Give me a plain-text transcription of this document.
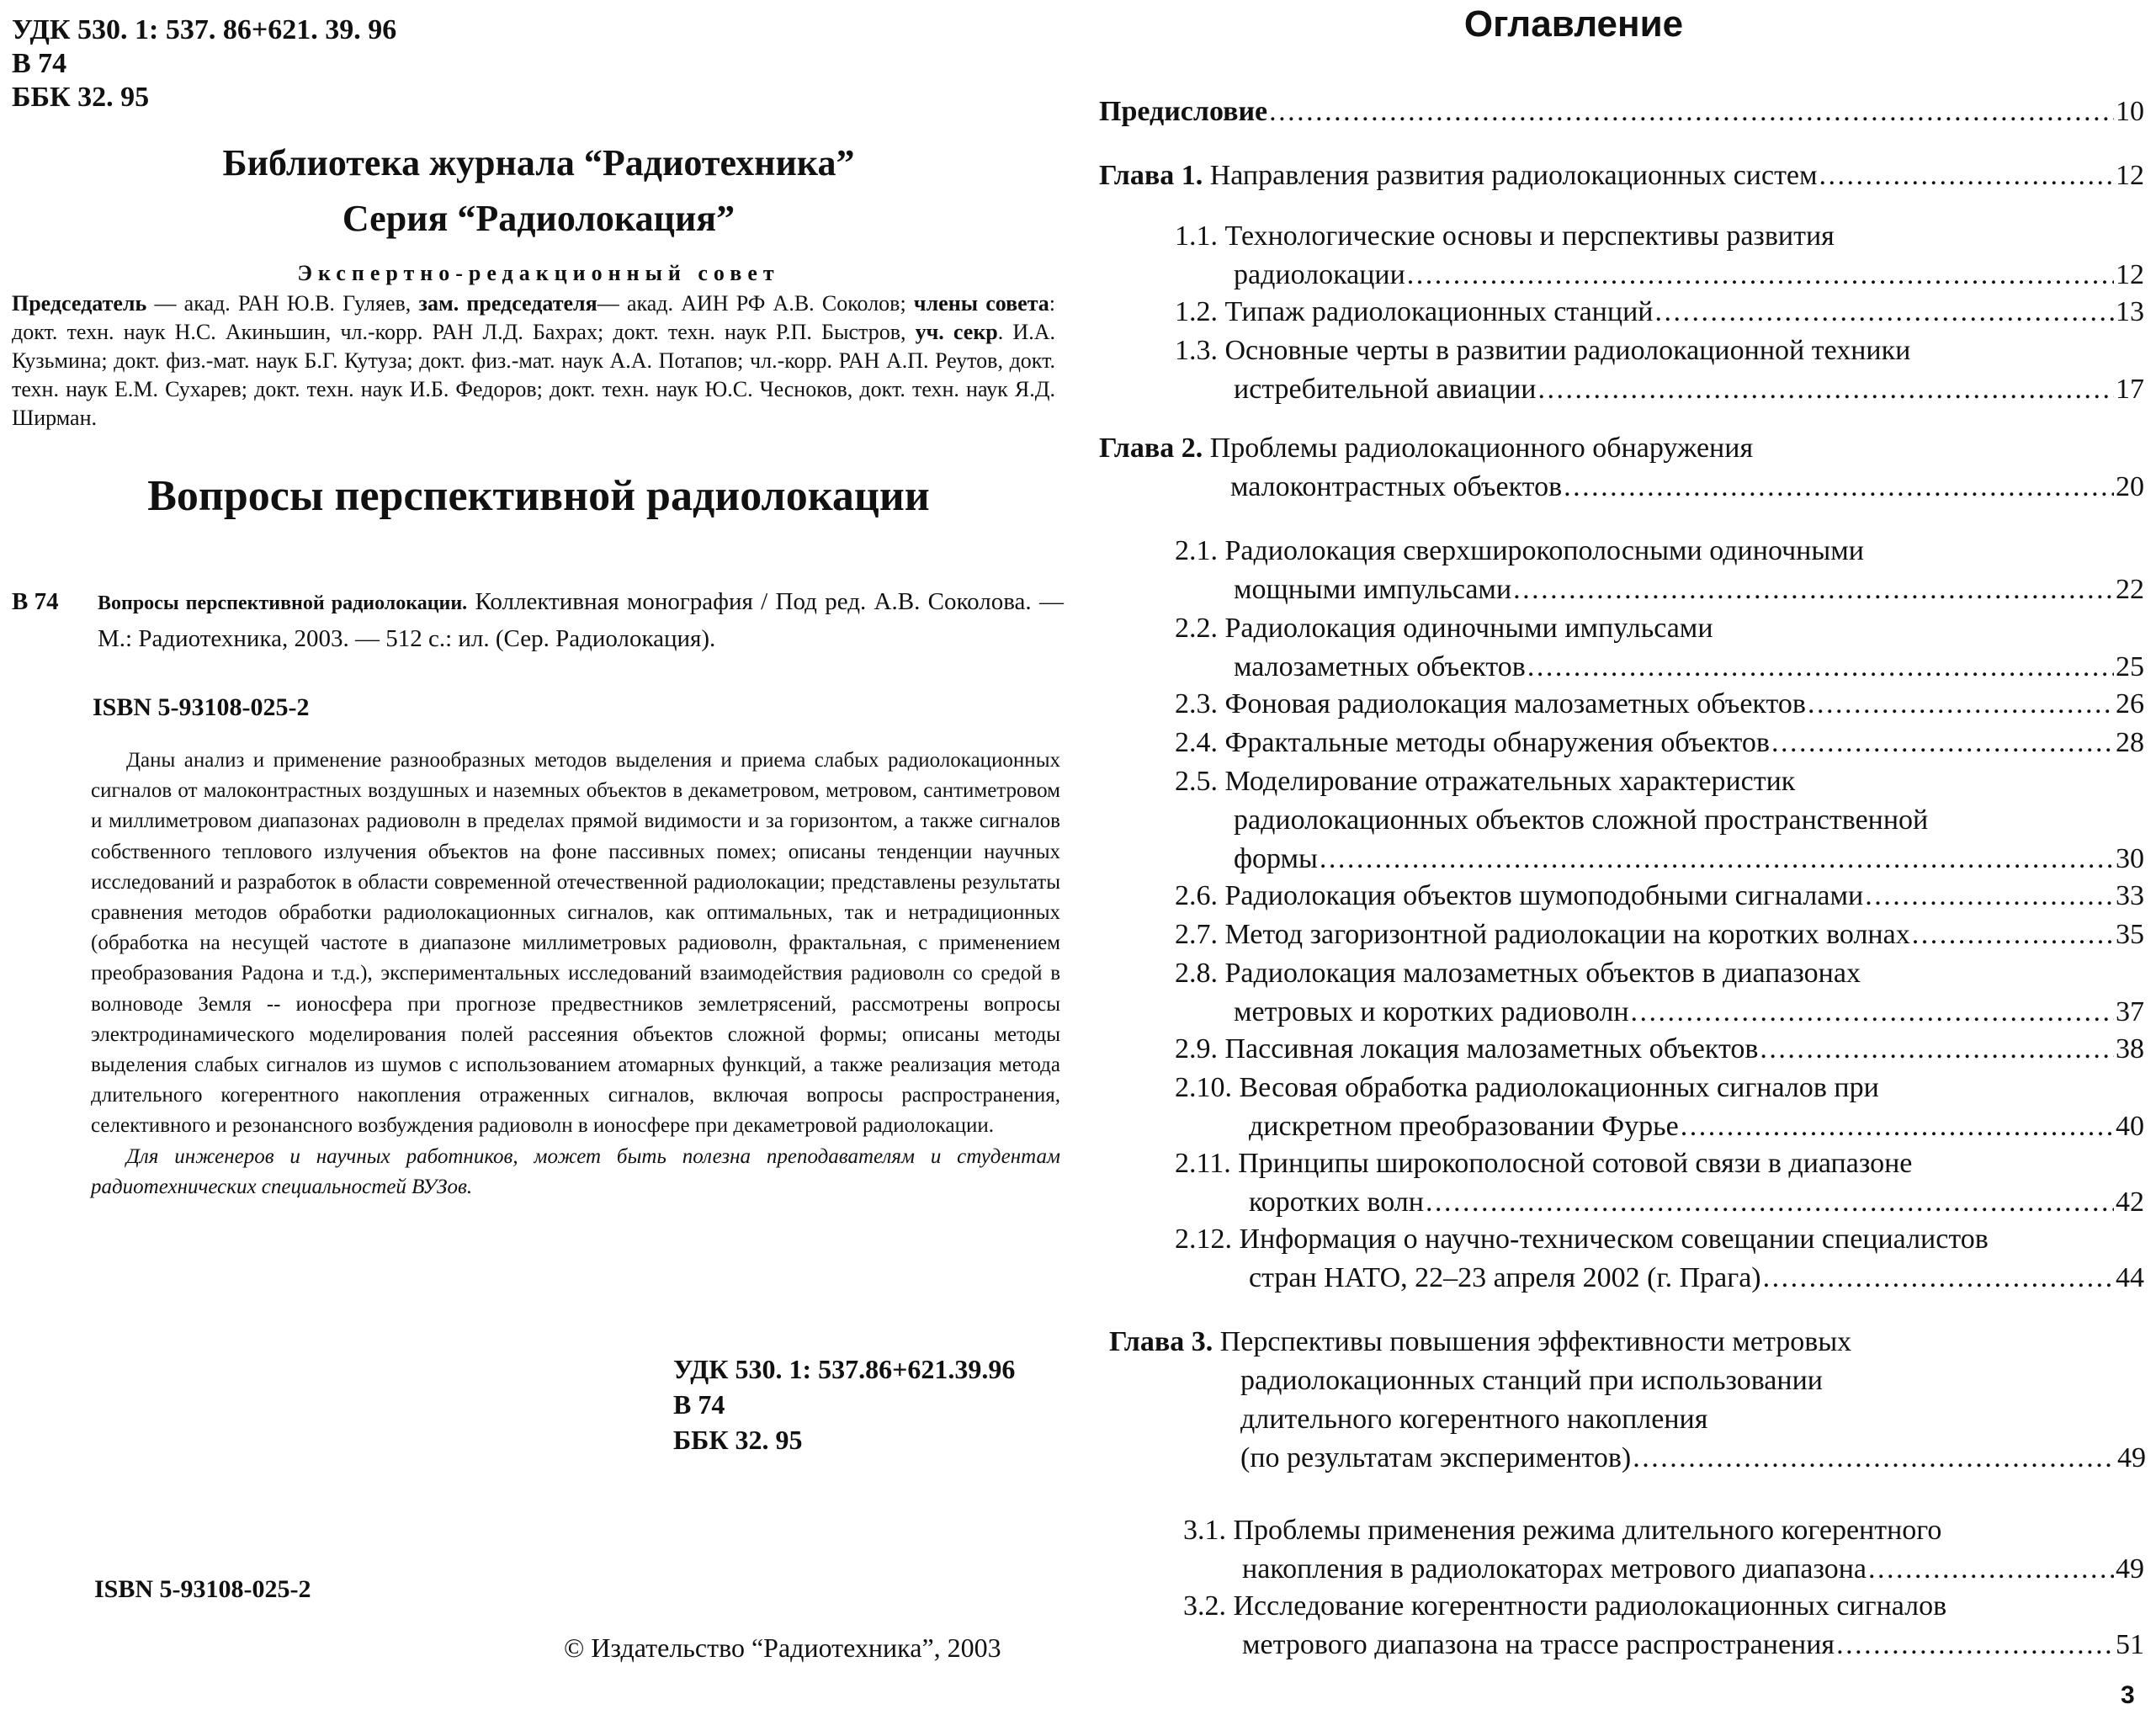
УДК 530. 1: 537. 86+621. 39. 96
В 74
ББК 32. 95
Библиотека журнала “Радиотехника”
Серия “Радиолокация”
Экспертно-редакционный совет
Председатель — акад. РАН Ю.В. Гуляев, зам. председателя— акад. АИН РФ А.В. Соколов; члены совета: докт. техн. наук Н.С. Акиньшин, чл.-корр. РАН Л.Д. Бахрах; докт. техн. наук Р.П. Быстров, уч. секр. И.А. Кузьмина; докт. физ.-мат. наук Б.Г. Кутуза; докт. физ.-мат. наук А.А. Потапов; чл.-корр. РАН А.П. Реутов, докт. техн. наук Е.М. Сухарев; докт. техн. наук И.Б. Федоров; докт. техн. наук Ю.С. Чесноков, докт. техн. наук Я.Д. Ширман.
Вопросы перспективной радиолокации
В 74 Вопросы перспективной радиолокации. Коллективная монография / Под ред. А.В. Соколова. — М.: Радиотехника, 2003. — 512 с.: ил. (Сер. Радиолокация).
ISBN 5-93108-025-2

Даны анализ и применение разнообразных методов выделения и приема слабых радиолокационных сигналов от малоконтрастных воздушных и наземных объектов в декаметровом, метровом, сантиметровом и миллиметровом диапазонах радиоволн в пределах прямой видимости и за горизонтом, а также сигналов собственного теплового излучения объектов на фоне пассивных помех; описаны тенденции научных исследований и разработок в области современной отечественной радиолокации; представлены результаты сравнения методов обработки радиолокационных сигналов, как оптимальных, так и нетрадиционных (обработка на несущей частоте в диапазоне миллиметровых радиоволн, фрактальная, с применением преобразования Радона и т.д.), экспериментальных исследований взаимодействия радиоволн со средой в волноводе Земля -- ионосфера при прогнозе предвестников землетрясений, рассмотрены вопросы электродинамического моделирования полей рассеяния объектов сложной формы; описаны методы выделения слабых сигналов из шумов с использованием атомарных функций, а также реализация метода длительного когерентного накопления отраженных сигналов, включая вопросы распространения, селективного и резонансного возбуждения радиоволн в ионосфере при декаметровой радиолокации.

Для инженеров и научных работников, может быть полезна преподавателям и студентам радиотехнических специальностей ВУЗов.

УДК 530. 1: 537.86+621.39.96
В 74
ББК 32. 95
ISBN 5-93108-025-2
© Издательство “Радиотехника”, 2003
Оглавление
Предисловие . . .	10
Глава 1. Направления развития радиолокационных систем . . .	12
1.1. Технологические основы и перспективы развития
радиолокации . . .	12
1.2. Типаж радиолокационных станций . . .	13
1.3. Основные черты в развитии радиолокационной техники
истребительной авиации . . .	17
Глава 2. Проблемы радиолокационного обнаружения
малоконтрастных объектов . . .	20
2.1. Радиолокация сверхширокополосными одиночными
мощными импульсами . . .	22
2.2. Радиолокация одиночными импульсами
малозаметных объектов . . .	25
2.3. Фоновая радиолокация малозаметных объектов . . .	26
2.4. Фрактальные методы обнаружения объектов . . .	28
2.5. Моделирование отражательных характеристик
радиолокационных объектов сложной пространственной
формы . . .	30
2.6. Радиолокация объектов шумоподобными сигналами . . .	33
2.7. Метод загоризонтной радиолокации на коротких волнах . . .	35
2.8. Радиолокация малозаметных объектов в диапазонах
метровых и коротких радиоволн . . .	37
2.9. Пассивная локация малозаметных объектов . . .	38
2.10. Весовая обработка радиолокационных сигналов при
дискретном преобразовании Фурье . . .	40
2.11. Принципы широкополосной сотовой связи в диапазоне
коротких волн . . .	42
2.12. Информация о научно-техническом совещании специалистов
стран НАТО, 22–23 апреля 2002 (г. Прага) . . .	44
Глава 3. Перспективы повышения эффективности метровых
радиолокационных станций при использовании
длительного когерентного накопления
(по результатам экспериментов) . . .	49
3.1. Проблемы применения режима длительного когерентного
накопления в радиолокаторах метрового диапазона . . .	49
3.2. Исследование когерентности радиолокационных сигналов
метрового диапазона на трассе распространения . . .	51
3
